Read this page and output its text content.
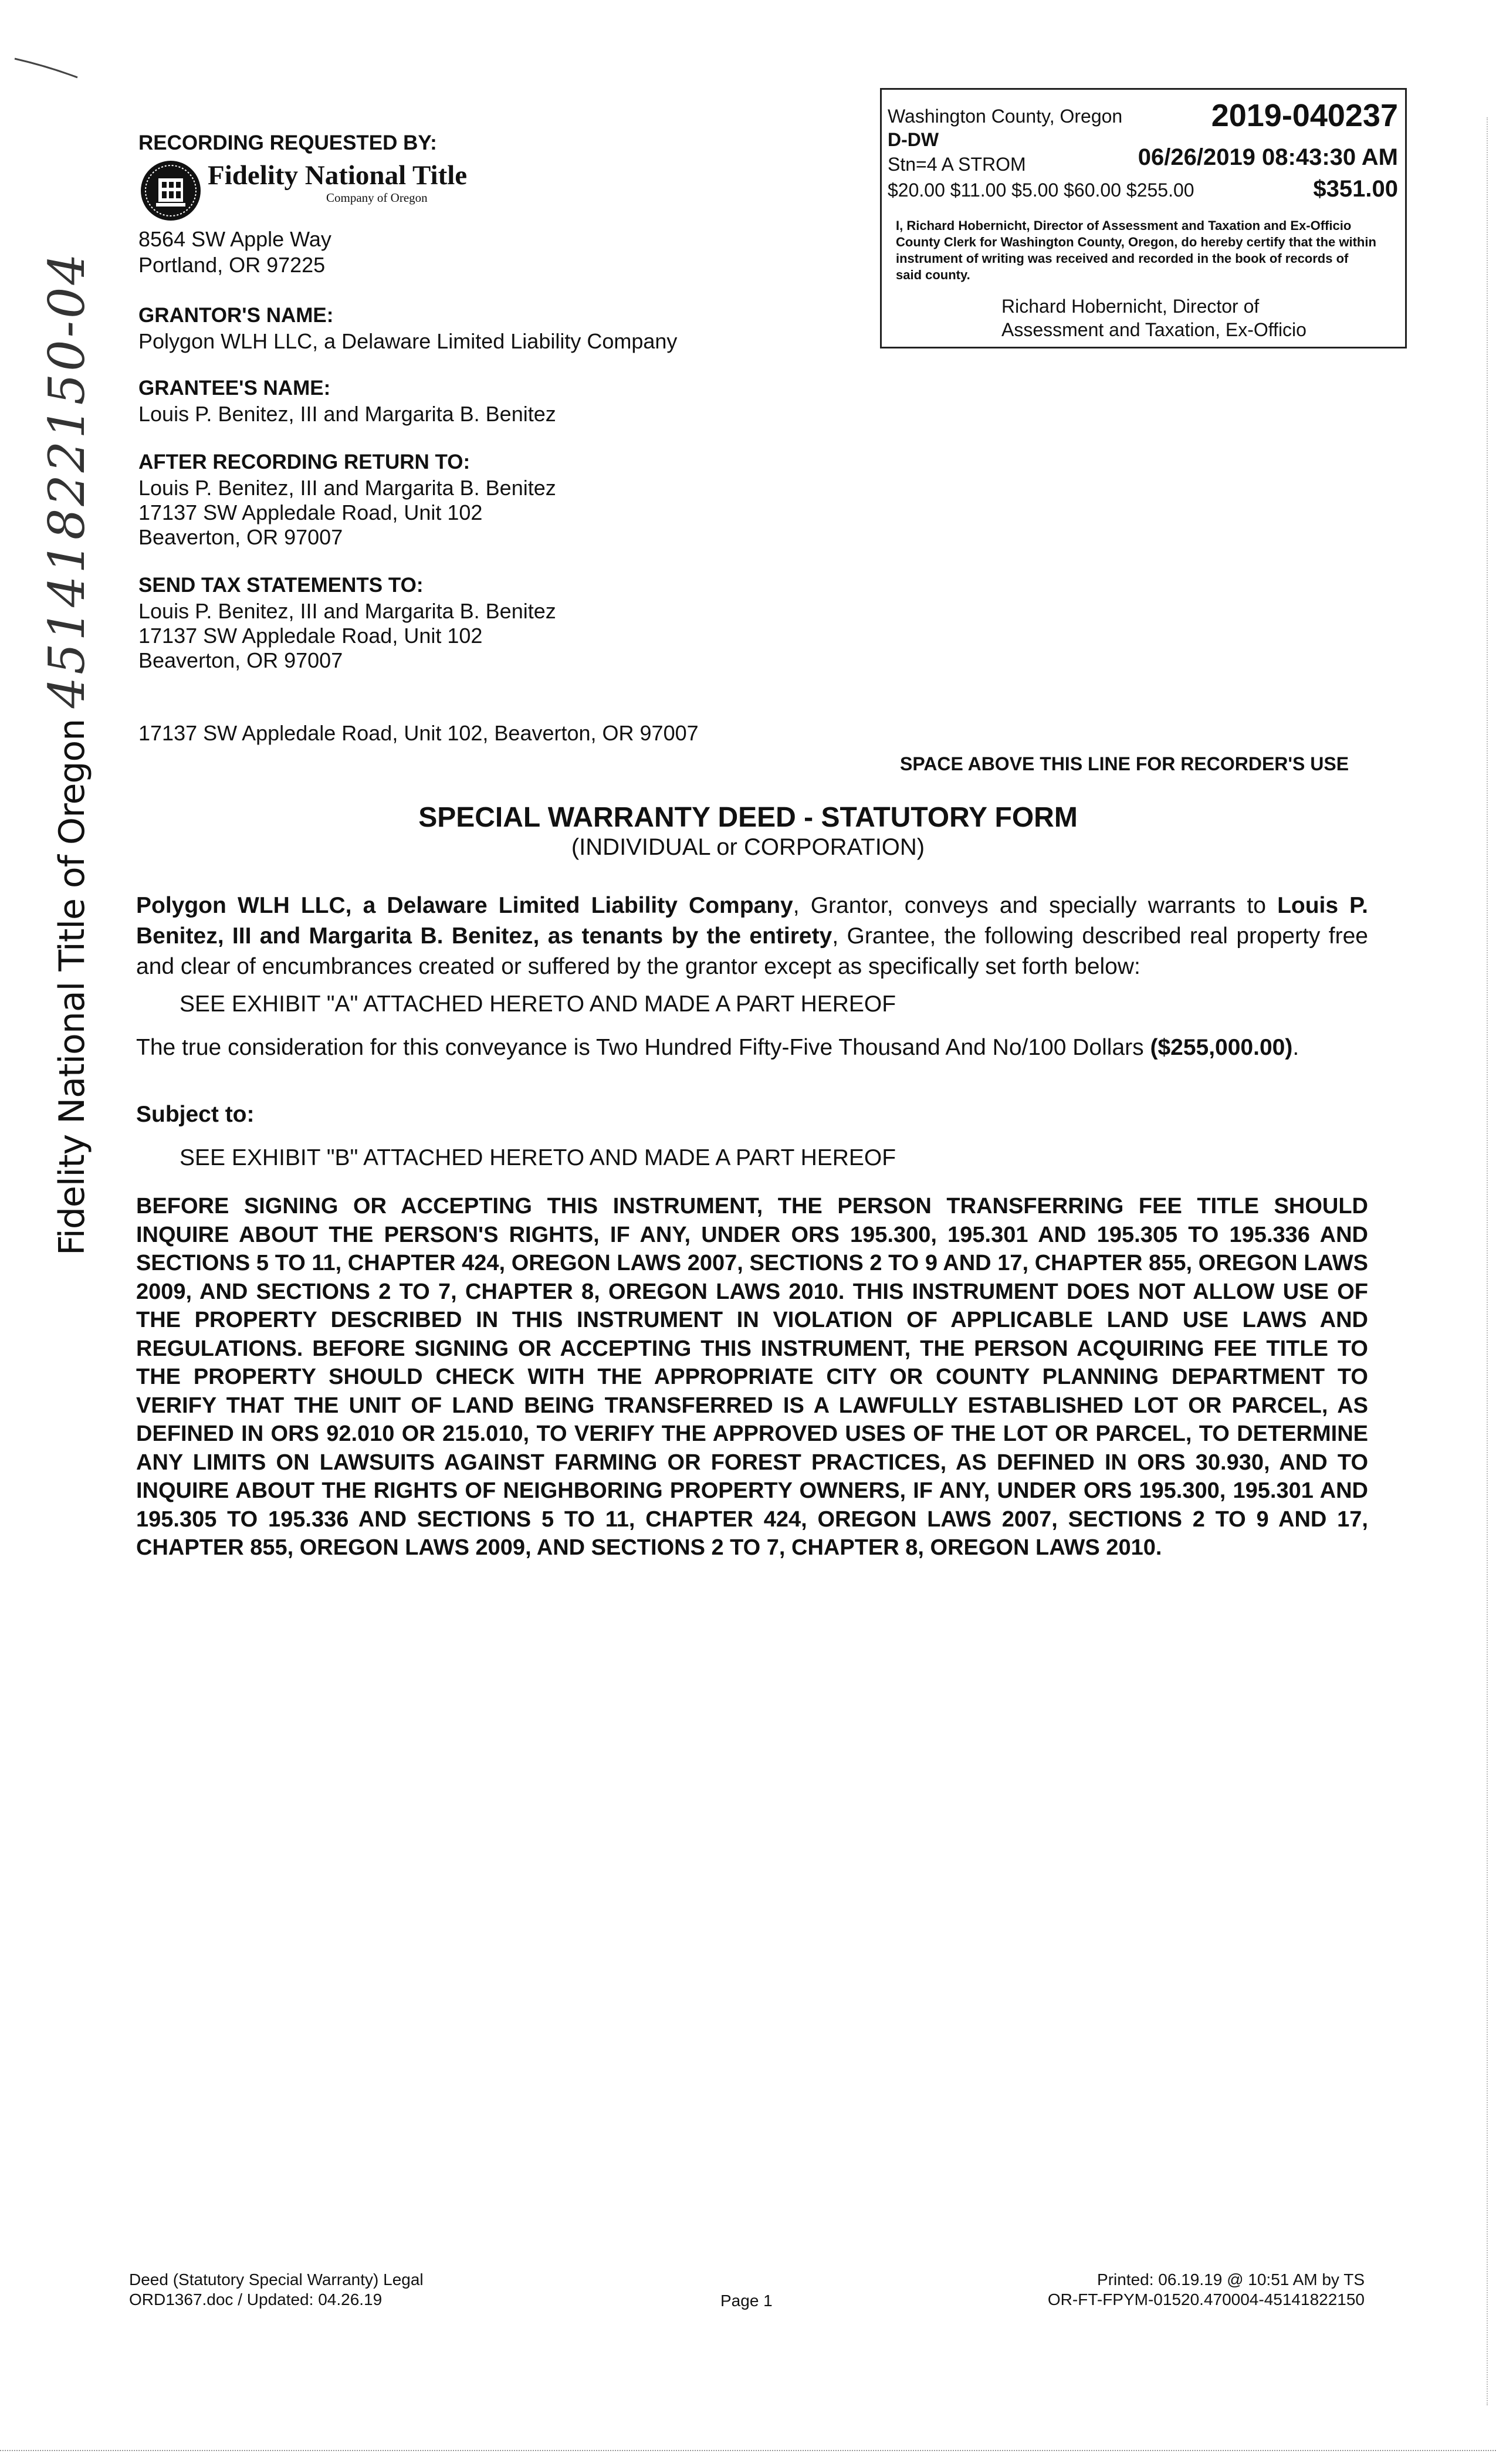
RECORDING REQUESTED BY:
Fidelity National Title
Company of Oregon
8564 SW Apple Way
Portland, OR 97225
GRANTOR'S NAME:
Polygon WLH LLC, a Delaware Limited Liability Company
GRANTEE'S NAME:
Louis P. Benitez, III and Margarita B. Benitez
AFTER RECORDING RETURN TO:
Louis P. Benitez, III and Margarita B. Benitez
17137 SW Appledale Road, Unit 102
Beaverton, OR 97007
SEND TAX STATEMENTS TO:
Louis P. Benitez, III and Margarita B. Benitez
17137 SW Appledale Road, Unit 102
Beaverton, OR 97007
17137 SW Appledale Road, Unit 102, Beaverton, OR 97007
SPACE ABOVE THIS LINE FOR RECORDER'S USE
Washington County, Oregon	2019-040237
D-DW
Stn=4 A STROM	06/26/2019 08:43:30 AM
$20.00 $11.00 $5.00 $60.00 $255.00	$351.00
I, Richard Hobernicht, Director of Assessment and Taxation and Ex-Officio County Clerk for Washington County, Oregon, do hereby certify that the within instrument of writing was received and recorded in the book of records of said county.
Richard Hobernicht, Director of
Assessment and Taxation, Ex-Officio
Fidelity National Title of Oregon 45141822150-04
SPECIAL WARRANTY DEED - STATUTORY FORM
(INDIVIDUAL or CORPORATION)
Polygon WLH LLC, a Delaware Limited Liability Company, Grantor, conveys and specially warrants to Louis P. Benitez, III and Margarita B. Benitez, as tenants by the entirety, Grantee, the following described real property free and clear of encumbrances created or suffered by the grantor except as specifically set forth below:
SEE EXHIBIT "A" ATTACHED HERETO AND MADE A PART HEREOF
The true consideration for this conveyance is Two Hundred Fifty-Five Thousand And No/100 Dollars ($255,000.00).
Subject to:
SEE EXHIBIT "B" ATTACHED HERETO AND MADE A PART HEREOF
BEFORE SIGNING OR ACCEPTING THIS INSTRUMENT, THE PERSON TRANSFERRING FEE TITLE SHOULD INQUIRE ABOUT THE PERSON'S RIGHTS, IF ANY, UNDER ORS 195.300, 195.301 AND 195.305 TO 195.336 AND SECTIONS 5 TO 11, CHAPTER 424, OREGON LAWS 2007, SECTIONS 2 TO 9 AND 17, CHAPTER 855, OREGON LAWS 2009, AND SECTIONS 2 TO 7, CHAPTER 8, OREGON LAWS 2010. THIS INSTRUMENT DOES NOT ALLOW USE OF THE PROPERTY DESCRIBED IN THIS INSTRUMENT IN VIOLATION OF APPLICABLE LAND USE LAWS AND REGULATIONS. BEFORE SIGNING OR ACCEPTING THIS INSTRUMENT, THE PERSON ACQUIRING FEE TITLE TO THE PROPERTY SHOULD CHECK WITH THE APPROPRIATE CITY OR COUNTY PLANNING DEPARTMENT TO VERIFY THAT THE UNIT OF LAND BEING TRANSFERRED IS A LAWFULLY ESTABLISHED LOT OR PARCEL, AS DEFINED IN ORS 92.010 OR 215.010, TO VERIFY THE APPROVED USES OF THE LOT OR PARCEL, TO DETERMINE ANY LIMITS ON LAWSUITS AGAINST FARMING OR FOREST PRACTICES, AS DEFINED IN ORS 30.930, AND TO INQUIRE ABOUT THE RIGHTS OF NEIGHBORING PROPERTY OWNERS, IF ANY, UNDER ORS 195.300, 195.301 AND 195.305 TO 195.336 AND SECTIONS 5 TO 11, CHAPTER 424, OREGON LAWS 2007, SECTIONS 2 TO 9 AND 17, CHAPTER 855, OREGON LAWS 2009, AND SECTIONS 2 TO 7, CHAPTER 8, OREGON LAWS 2010.
Deed (Statutory Special Warranty) Legal
ORD1367.doc / Updated: 04.26.19	Page 1
Printed: 06.19.19 @ 10:51 AM by TS
OR-FT-FPYM-01520.470004-45141822150
